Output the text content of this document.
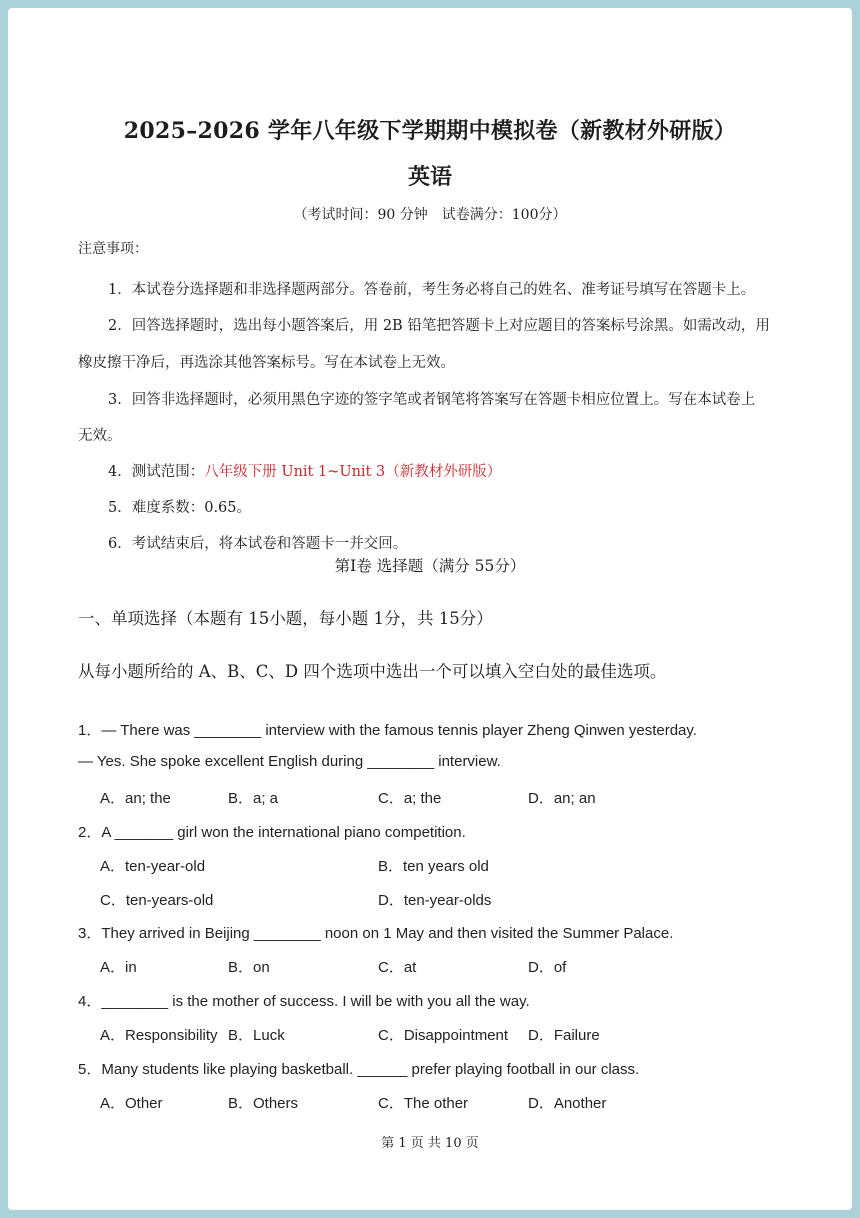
2025–2026 学年八年级下学期期中模拟卷（新教材外研版）
英语
（考试时间：90 分钟　试卷满分：100分）
注意事项：
1．本试卷分选择题和非选择题两部分。答卷前，考生务必将自己的姓名、准考证号填写在答题卡上。
2．回答选择题时，选出每小题答案后，用 2B 铅笔把答题卡上对应题目的答案标号涂黑。如需改动，用
橡皮擦干净后，再选涂其他答案标号。写在本试卷上无效。
3．回答非选择题时，必须用黑色字迹的签字笔或者钢笔将答案写在答题卡相应位置上。写在本试卷上
无效。
4．测试范围：八年级下册 Unit 1~Unit 3（新教材外研版）
5．难度系数：0.65。
6．考试结束后，将本试卷和答题卡一并交回。
第Ⅰ卷 选择题（满分 55分）
一、单项选择（本题有 15小题，每小题 1分，共 15分）
从每小题所给的 A、B、C、D 四个选项中选出一个可以填入空白处的最佳选项。
1．— There was ________ interview with the famous tennis player Zheng Qinwen yesterday.
— Yes. She spoke excellent English during ________ interview.
A．an; the	B．a; a	C．a; the	D．an; an
2．A _______ girl won the international piano competition.
A．ten-year-old	B．ten years old
C．ten-years-old	D．ten-year-olds
3．They arrived in Beijing ________ noon on 1 May and then visited the Summer Palace.
A．in	B．on	C．at	D．of
4．________ is the mother of success. I will be with you all the way.
A．Responsibility B．Luck	C．Disappointment D．Failure
5．Many students like playing basketball. ______ prefer playing football in our class.
A．Other	B．Others	C．The other	D．Another
第 1 页 共 10 页
